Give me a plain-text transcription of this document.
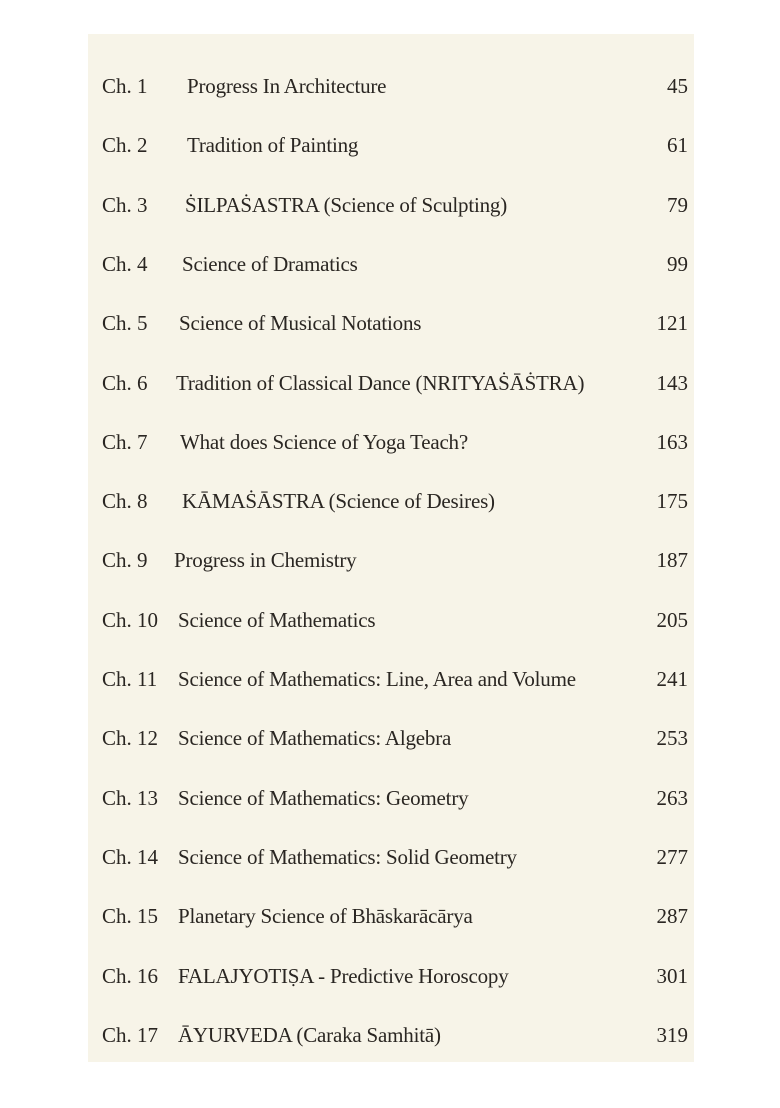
Ch. 1 Progress In Architecture	45
Ch. 2 Tradition of Painting	61
Ch. 3 ṠILPAṠASTRA (Science of Sculpting)	79
Ch. 4 Science of Dramatics	99
Ch. 5 Science of Musical Notations	121
Ch. 6 Tradition of Classical Dance (NRITYAṠĀṠTRA)	143
Ch. 7 What does Science of Yoga Teach?	163
Ch. 8 KĀMAṠĀSTRA (Science of Desires)	175
Ch. 9 Progress in Chemistry	187
Ch. 10 Science of Mathematics	205
Ch. 11 Science of Mathematics: Line, Area and Volume	241
Ch. 12 Science of Mathematics: Algebra	253
Ch. 13 Science of Mathematics: Geometry	263
Ch. 14 Science of Mathematics: Solid Geometry	277
Ch. 15 Planetary Science of Bhāskarācārya	287
Ch. 16 FALAJYOTIṢA - Predictive Horoscopy	301
Ch. 17 ĀYURVEDA (Caraka Samhitā)	319
